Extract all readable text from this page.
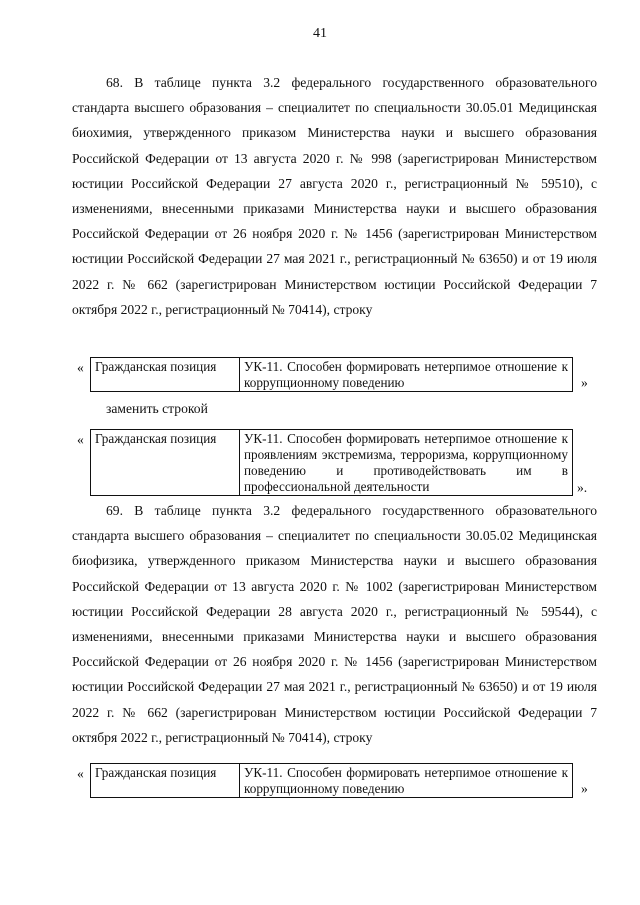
41

68. В таблице пункта 3.2 федерального государственного образовательного стандарта высшего образования – специалитет по специальности 30.05.01 Медицинская биохимия, утвержденного приказом Министерства науки и высшего образования Российской Федерации от 13 августа 2020 г. № 998 (зарегистрирован Министерством юстиции Российской Федерации 27 августа 2020 г., регистрационный № 59510), с изменениями, внесенными приказами Министерства науки и высшего образования Российской Федерации от 26 ноября 2020 г. № 1456 (зарегистрирован Министерством юстиции Российской Федерации 27 мая 2021 г., регистрационный № 63650) и от 19 июля 2022 г. № 662 (зарегистрирован Министерством юстиции Российской Федерации 7 октября 2022 г., регистрационный № 70414), строку

« Гражданская позиция	УК-11. Способен формировать нетерпимое отношение к коррупционному поведению	»

заменить строкой

« Гражданская позиция	УК-11. Способен формировать нетерпимое отношение к проявлениям экстремизма, терроризма, коррупционному поведению и противодействовать им в профессиональной деятельности	».

69. В таблице пункта 3.2 федерального государственного образовательного стандарта высшего образования – специалитет по специальности 30.05.02 Медицинская биофизика, утвержденного приказом Министерства науки и высшего образования Российской Федерации от 13 августа 2020 г. № 1002 (зарегистрирован Министерством юстиции Российской Федерации 28 августа 2020 г., регистрационный № 59544), с изменениями, внесенными приказами Министерства науки и высшего образования Российской Федерации от 26 ноября 2020 г. № 1456 (зарегистрирован Министерством юстиции Российской Федерации 27 мая 2021 г., регистрационный № 63650) и от 19 июля 2022 г. № 662 (зарегистрирован Министерством юстиции Российской Федерации 7 октября 2022 г., регистрационный № 70414), строку

« Гражданская позиция	УК-11. Способен формировать нетерпимое отношение к коррупционному поведению	»
